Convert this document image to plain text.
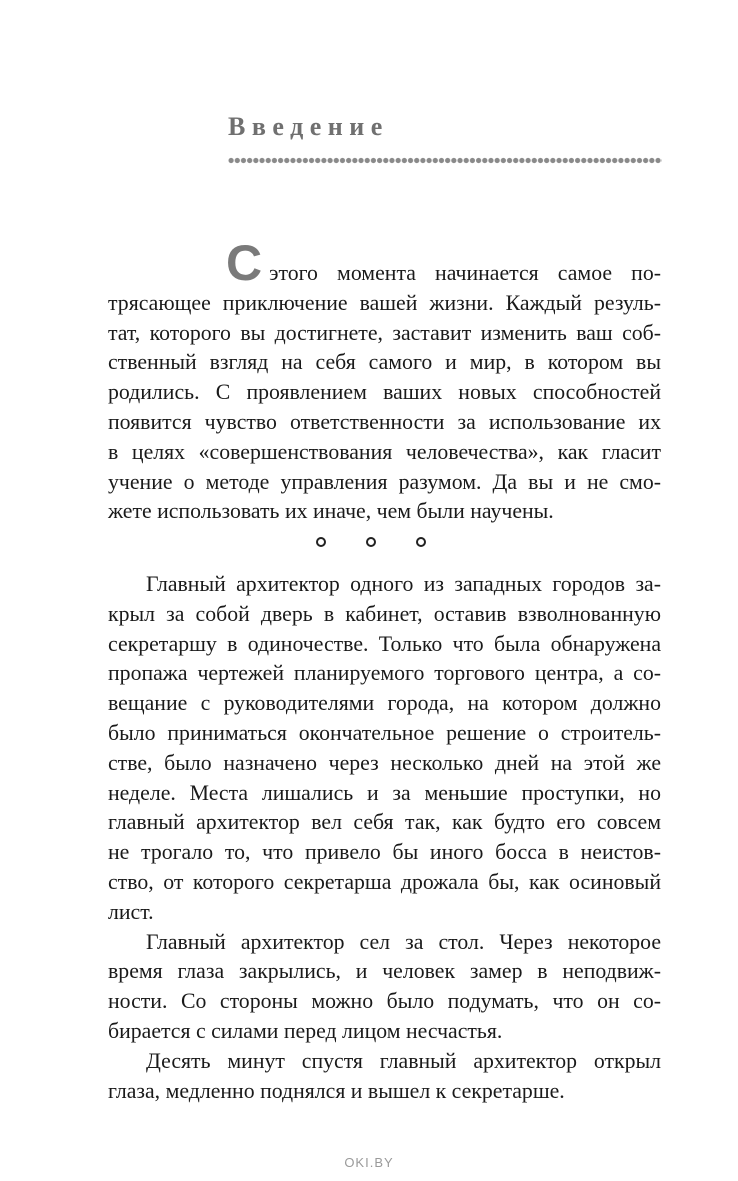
Введение
С этого момента начинается самое по-
трясающее приключение вашей жизни. Каждый резуль-
тат, которого вы достигнете, заставит изменить ваш соб-
ственный взгляд на себя самого и мир, в котором вы
родились. С проявлением ваших новых способностей
появится чувство ответственности за использование их
в целях «совершенствования человечества», как гласит
учение о методе управления разумом. Да вы и не смо-
жете использовать их иначе, чем были научены.

Главный архитектор одного из западных городов за-
крыл за собой дверь в кабинет, оставив взволнованную
секретаршу в одиночестве. Только что была обнаружена
пропажа чертежей планируемого торгового центра, а со-
вещание с руководителями города, на котором должно
было приниматься окончательное решение о строитель-
стве, было назначено через несколько дней на этой же
неделе. Места лишались и за меньшие проступки, но
главный архитектор вел себя так, как будто его совсем
не трогало то, что привело бы иного босса в неистов-
ство, от которого секретарша дрожала бы, как осиновый
лист.

Главный архитектор сел за стол. Через некоторое
время глаза закрылись, и человек замер в неподвиж-
ности. Со стороны можно было подумать, что он со-
бирается с силами перед лицом несчастья.

Десять минут спустя главный архитектор открыл
глаза, медленно поднялся и вышел к секретарше.

OKI.BY
